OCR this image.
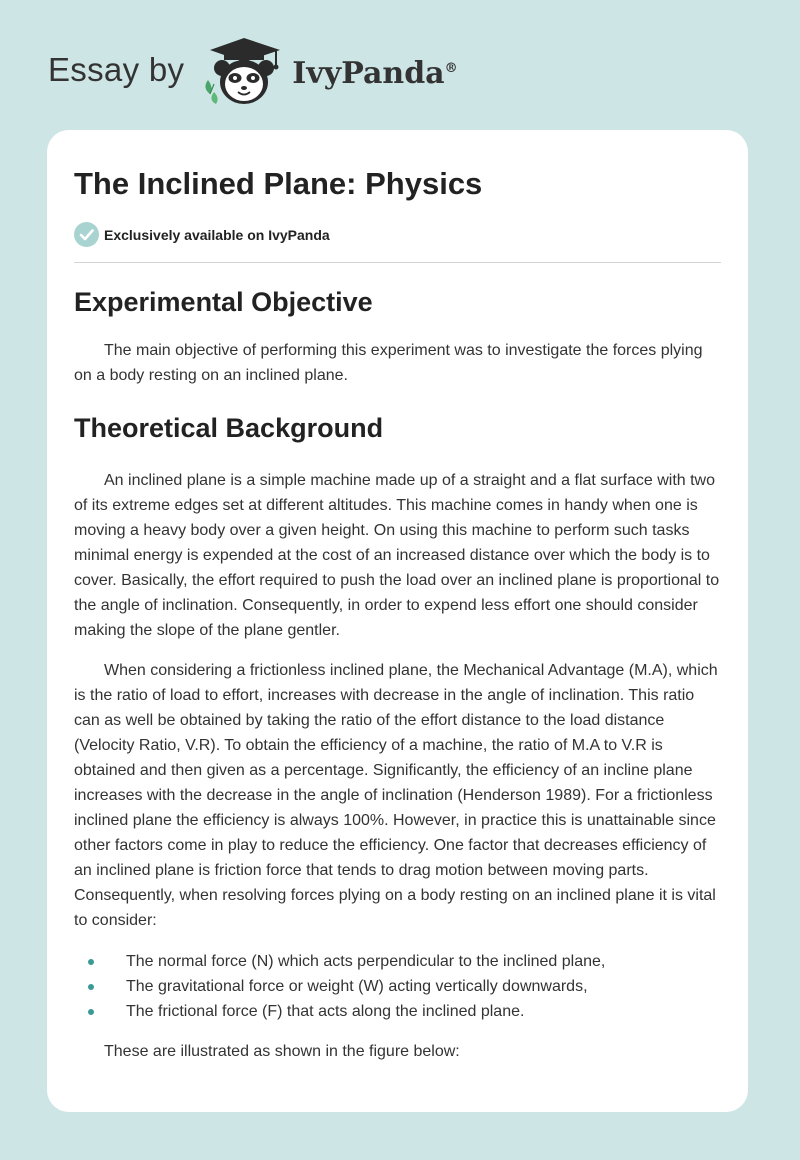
Essay by	IvyPanda®
The Inclined Plane: Physics
Exclusively available on IvyPanda
Experimental Objective

The main objective of performing this experiment was to investigate the forces plying on a body resting on an inclined plane.

Theoretical Background

An inclined plane is a simple machine made up of a straight and a flat surface with two of its extreme edges set at different altitudes. This machine comes in handy when one is moving a heavy body over a given height. On using this machine to perform such tasks minimal energy is expended at the cost of an increased distance over which the body is to cover. Basically, the effort required to push the load over an inclined plane is proportional to the angle of inclination. Consequently, in order to expend less effort one should consider making the slope of the plane gentler.

When considering a frictionless inclined plane, the Mechanical Advantage (M.A), which is the ratio of load to effort, increases with decrease in the angle of inclination. This ratio can as well be obtained by taking the ratio of the effort distance to the load distance (Velocity Ratio, V.R). To obtain the efficiency of a machine, the ratio of M.A to V.R is obtained and then given as a percentage. Significantly, the efficiency of an incline plane increases with the decrease in the angle of inclination (Henderson 1989). For a frictionless inclined plane the efficiency is always 100%. However, in practice this is unattainable since other factors come in play to reduce the efficiency. One factor that decreases efficiency of an inclined plane is friction force that tends to drag motion between moving parts. Consequently, when resolving forces plying on a body resting on an inclined plane it is vital to consider:

The normal force (N) which acts perpendicular to the inclined plane,
The gravitational force or weight (W) acting vertically downwards,
The frictional force (F) that acts along the inclined plane.

These are illustrated as shown in the figure below:
